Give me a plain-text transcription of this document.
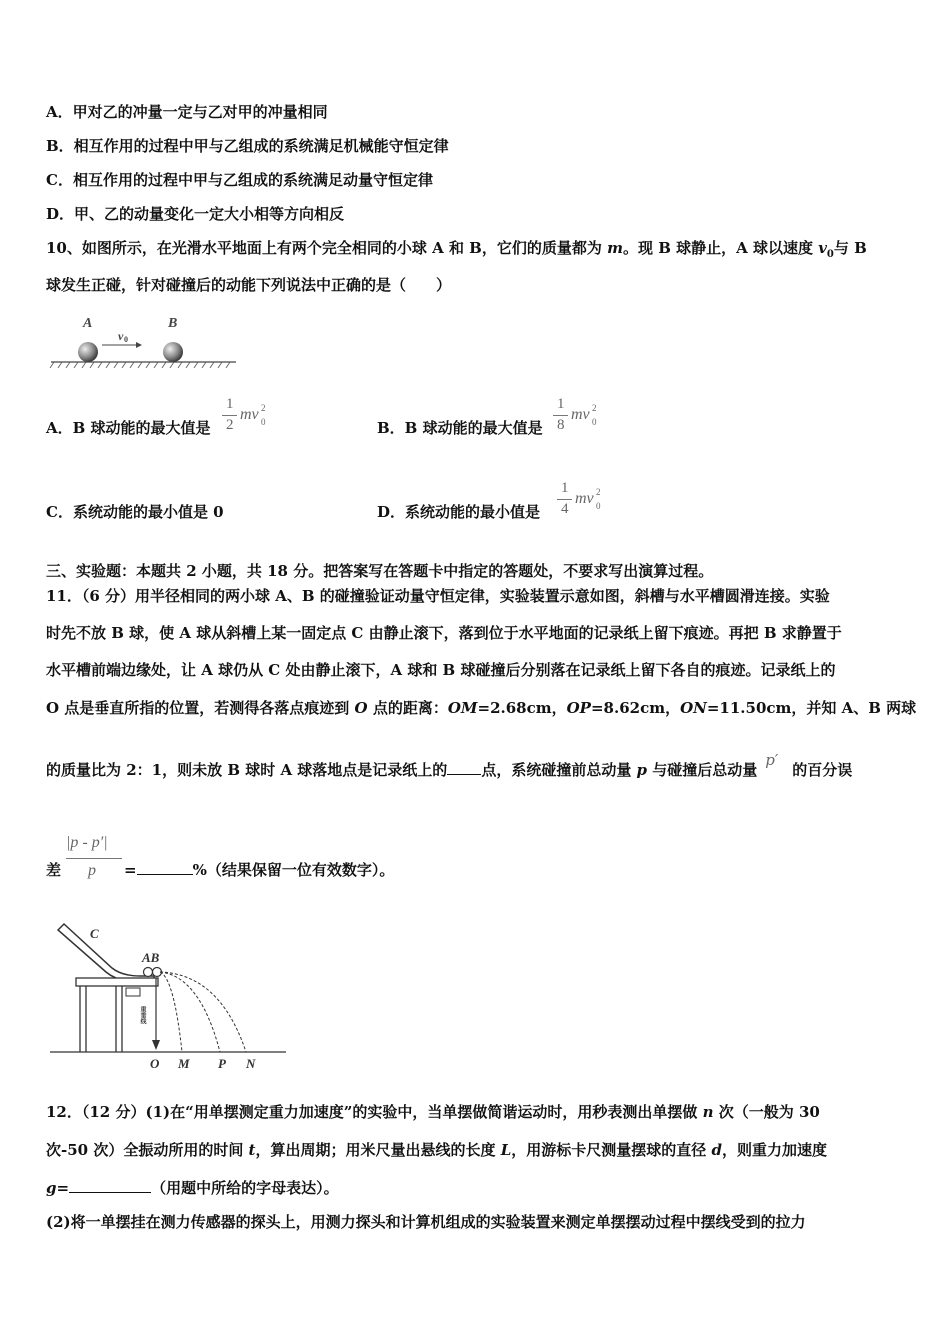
A．甲对乙的冲量一定与乙对甲的冲量相同
B．相互作用的过程中甲与乙组成的系统满足机械能守恒定律
C．相互作用的过程中甲与乙组成的系统满足动量守恒定律
D．甲、乙的动量变化一定大小相等方向相反
10、如图所示，在光滑水平地面上有两个完全相同的小球 A 和 B，它们的质量都为 m。现 B 球静止，A 球以速度 $v_0$与 B
球发生正碰，针对碰撞后的动能下列说法中正确的是（　　）
A	B
v 0
A．B 球动能的最大值是
1
2
mv 2
0	B．B 球动能的最大值是
1
8
mv 2
0
C．系统动能的最小值是 0	D．系统动能的最小值是
1
4
mv 2
0
三、实验题：本题共 2 小题，共 18 分。把答案写在答题卡中指定的答题处，不要求写出演算过程。
11．（6 分）用半径相同的两小球 A、B 的碰撞验证动量守恒定律，实验装置示意如图，斜槽与水平槽圆滑连接。实验
时先不放 B 球，使 A 球从斜槽上某一固定点 C 由静止滚下，落到位于水平地面的记录纸上留下痕迹。再把 B 求静置于
水平槽前端边缘处，让 A 球仍从 C 处由静止滚下，A 球和 B 球碰撞后分别落在记录纸上留下各自的痕迹。记录纸上的
O 点是垂直所指的位置，若测得各落点痕迹到 O 点的距离：OM=2.68cm，OP=8.62cm，ON=11.50cm，并知 A、B 两球
的质量比为 2：1，则未放 B 球时 A 球落地点是记录纸上的 点，系统碰撞前总动量 p 与碰撞后总动量p′的百分误
差
|p - p′|
p =	%（结果保留一位有效数字）。
C
AB
重垂线
O M P N
12．（12 分）(1)在“用单摆测定重力加速度”的实验中，当单摆做简谐运动时，用秒表测出单摆做 n 次（一般为 30
次-50 次）全振动所用的时间 t，算出周期；用米尺量出悬线的长度 L，用游标卡尺测量摆球的直径 d，则重力加速度
g=	（用题中所给的字母表达）。
(2)将一单摆挂在测力传感器的探头上，用测力探头和计算机组成的实验装置来测定单摆摆动过程中摆线受到的拉力
